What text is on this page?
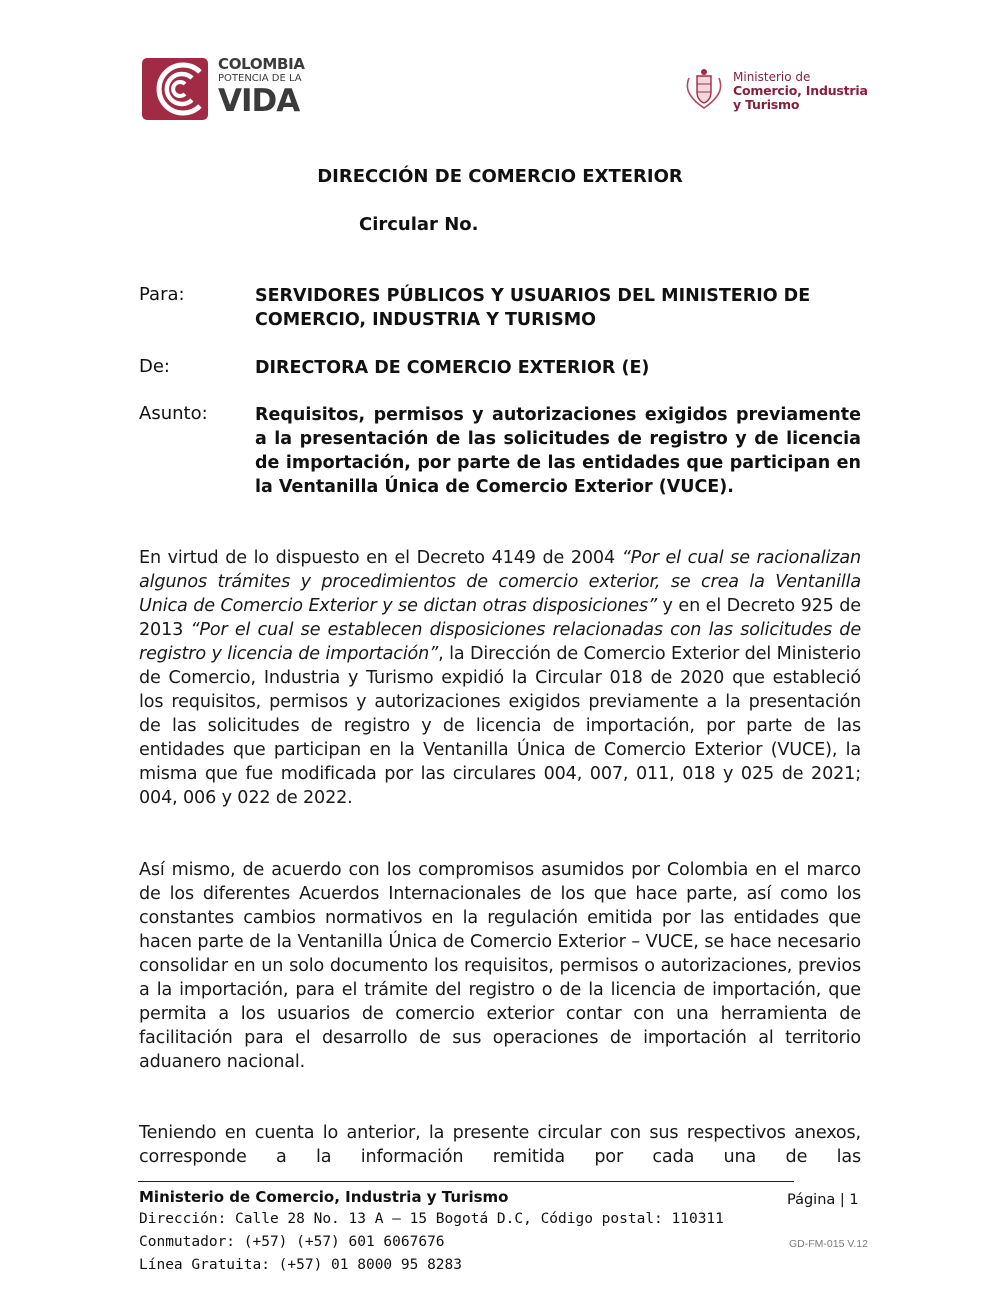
COLOMBIA
POTENCIA DE LA
VIDA
Ministerio de
Comercio, Industria
y Turismo
DIRECCIÓN DE COMERCIO EXTERIOR
Circular No.
Para:	SERVIDORES PÚBLICOS Y USUARIOS DEL MINISTERIO DE COMERCIO, INDUSTRIA Y TURISMO
De:	DIRECTORA DE COMERCIO EXTERIOR (E)
Asunto:	Requisitos, permisos y autorizaciones exigidos previamente a la presentación de las solicitudes de registro y de licencia de importación, por parte de las entidades que participan en la Ventanilla Única de Comercio Exterior (VUCE).
En virtud de lo dispuesto en el Decreto 4149 de 2004 “Por el cual se racionalizan algunos trámites y procedimientos de comercio exterior, se crea la Ventanilla Unica de Comercio Exterior y se dictan otras disposiciones” y en el Decreto 925 de 2013 “Por el cual se establecen disposiciones relacionadas con las solicitudes de registro y licencia de importación”, la Dirección de Comercio Exterior del Ministerio de Comercio, Industria y Turismo expidió la Circular 018 de 2020 que estableció los requisitos, permisos y autorizaciones exigidos previamente a la presentación de las solicitudes de registro y de licencia de importación, por parte de las entidades que participan en la Ventanilla Única de Comercio Exterior (VUCE), la misma que fue modificada por las circulares 004, 007, 011, 018 y 025 de 2021; 004, 006 y 022 de 2022.
Así mismo, de acuerdo con los compromisos asumidos por Colombia en el marco de los diferentes Acuerdos Internacionales de los que hace parte, así como los constantes cambios normativos en la regulación emitida por las entidades que hacen parte de la Ventanilla Única de Comercio Exterior – VUCE, se hace necesario consolidar en un solo documento los requisitos, permisos o autorizaciones, previos a la importación, para el trámite del registro o de la licencia de importación, que permita a los usuarios de comercio exterior contar con una herramienta de facilitación para el desarrollo de sus operaciones de importación al territorio aduanero nacional.
Teniendo en cuenta lo anterior, la presente circular con sus respectivos anexos, corresponde a la información remitida por cada una de las
Ministerio de Comercio, Industria y Turismo
Dirección: Calle 28 No. 13 A – 15 Bogotá D.C, Código postal: 110311
Conmutador: (+57) (+57) 601 6067676
Línea Gratuita: (+57) 01 8000 95 8283
Página | 1
GD-FM-015 V.12
